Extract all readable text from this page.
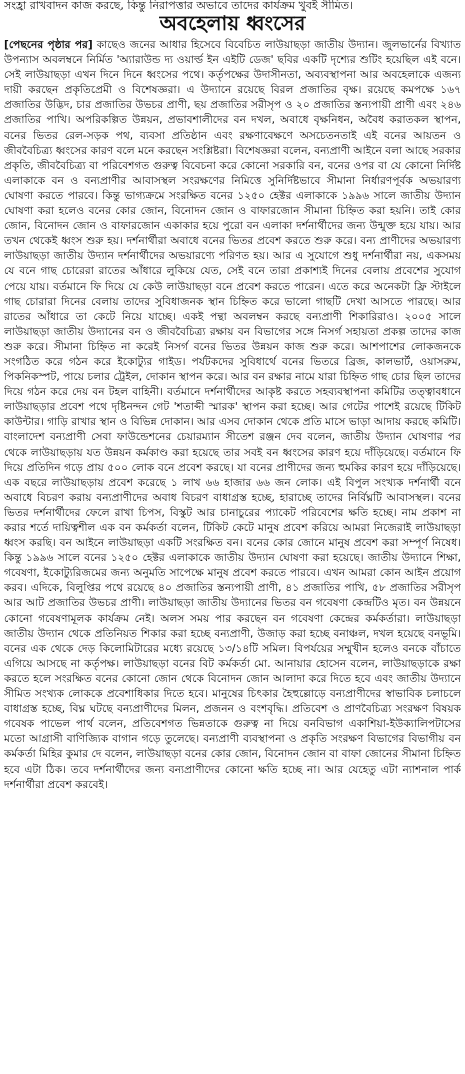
সংহ্রা রাখবাদন কাজ করছে, কিন্তু নিরাপত্তার অভাবে তাদের কার্যক্রম খুবই সীমিত।
অবহেলায় ধ্বংসের

[পেছনের পৃষ্ঠার পর] কাছেও জনের আধার হিসেবে বিবেচিত লাউয়াছড়া জাতীয় উদ্যান। জুলভার্নের বিখ্যাত উপন্যাস অবলম্বনে নির্মিত 'অ্যারাউন্ড দ্য ওয়ার্ল্ড ইন এইটি ডেজ' ছবির একটি দৃশ্যের শুটিং হয়েছিল এই বনে। সেই লাউয়াছড়া এখন দিনে দিনে ধ্বংসের পথে। কর্তৃপক্ষের উদাসীনতা, অব্যবস্থাপনা আর অবহেলাকে এজন্য দায়ী করছেন প্রকৃতিপ্রেমী ও বিশেষজ্ঞরা। এ উদ্যানে রয়েছে বিরল প্রজাতির বৃক্ষ। রয়েছে কমপক্ষে ১৬৭ প্রজাতির উদ্ভিদ, চার প্রজাতির উভচর প্রাণী, ছয় প্রজাতির সরীসৃপ ও ২০ প্রজাতির স্তন্যপায়ী প্রাণী এবং ২৪৬ প্রজাতির পাখি। অপরিকল্পিত উন্নয়ন, প্রভাবশালীদের বন দখল, অবাধে বৃক্ষনিধন, অবৈধ করাতকল স্থাপন, বনের ভিতর রেল-সড়ক পথ, ব্যবসা প্রতিষ্ঠান এবং রক্ষণাবেক্ষণে অসচেতনতাই এই বনের আয়তন ও জীববৈচিত্র্য ধ্বংসের কারণ বলে মনে করছেন সংশ্লিষ্টরা। বিশেষজ্ঞরা বলেন, বন্যপ্রাণী আইনে বলা আছে সরকার প্রকৃতি, জীববৈচিত্র্য বা পরিবেশগত গুরুত্ব বিবেচনা করে কোনো সরকারি বন, বনের ওপর বা যে কোনো নির্দিষ্ট এলাকাকে বন ও বন্যপ্রাণীর আবাসস্থল সংরক্ষণের নিমিত্তে সুনির্দিষ্টভাবে সীমানা নির্ধারণপূর্বক অভয়ারণ্য ঘোষণা করতে পারবে। কিন্তু ভাগ্যক্রমে সংরক্ষিত বনের ১২৫০ হেক্টর এলাকাকে ১৯৯৬ সালে জাতীয় উদ্যান ঘোষণা করা হলেও বনের কোর জোন, বিনোদন জোন ও বাফারজোন সীমানা চিহ্নিত করা হয়নি। তাই কোর জোন, বিনোদন জোন ও বাফারজোন একাকার হয়ে পুরো বন এলাকা দর্শনার্থীদের জন্য উন্মুক্ত হয়ে যায়। আর তখন থেকেই ধ্বংস শুরু হয়। দর্শনার্থীরা অবাধে বনের ভিতর প্রবেশ করতে শুরু করে। বন্য প্রাণীদের অভয়ারণ্য লাউয়াছড়া জাতীয় উদ্যান দর্শনার্থীদের অভয়ারণ্যে পরিণত হয়। আর এ সুযোগে শুধু দর্শনার্থীরা নয়, একসময় যে বনে গাছ চোরেরা রাতের আঁধারে লুকিয়ে যেত, সেই বনে তারা প্রকাশ্যই দিনের বেলায় প্রবেশের সুযোগ পেয়ে যায়। বর্তমানে ফি দিয়ে যে কেউ লাউয়াছড়া বনে প্রবেশ করতে পারেন। এতে করে অনেকটা ফ্রি স্টাইলে গাছ চোরারা দিনের বেলায় তাদের সুবিধাজনক স্থান চিহ্নিত করে ভালো গাছটি দেখা আসতে পারছে। আর রাতের আঁধারে তা কেটে নিয়ে যাচ্ছে। একই পন্থা অবলম্বন করছে বন্যপ্রাণী শিকারিরাও। ২০০৫ সালে লাউয়াছড়া জাতীয় উদ্যানের বন ও জীববৈচিত্র্য রক্ষায় বন বিভাগের সঙ্গে নিসর্গ সহায়তা প্রকল্প তাদের কাজ শুরু করে। সীমানা চিহ্নিত না করেই নিসর্গ বনের ভিতর উন্নয়ন কাজ শুরু করে। আশপাশের লোকজনকে সংগঠিত করে গঠন করে ইকোট্যুর গাইড। পর্যটকদের সুবিধার্থে বনের ভিতরে ব্রিজ, কালভার্ট, ওয়াসরুম, পিকনিকস্পট, পায়ে চলার ট্রেইল, দোকান স্থাপন করে। আর বন রক্ষার নামে যারা চিহ্নিত গাছ চোর ছিল তাদের দিয়ে গঠন করে দেয় বন টহল বাহিনী। বর্তমানে দর্শনার্থীদের আকৃষ্ট করতে সহব্যবস্থাপনা কমিটির তত্ত্বাবধানে লাউয়াছড়ার প্রবেশ পথে দৃষ্টিনন্দন গেট 'শতাব্দী স্মারক' স্থাপন করা হচ্ছে। আর গেটের পাশেই রয়েছে টিকিট কাউন্টার। গাড়ি রাখার স্থান ও বিভিন্ন দোকান। আর এসব দোকান থেকে প্রতি মাসে ভাড়া আদায় করছে কমিটি। বাংলাদেশ বন্যপ্রাণী সেবা ফাউন্ডেশনের চেয়ারম্যান সীতেশ রঞ্জন দেব বলেন, জাতীয় উদ্যান ঘোষণার পর থেকে লাউয়াছড়ায় যত উন্নয়ন কর্মকাণ্ড করা হয়েছে তার সবই বন ধ্বংসের কারণ হয়ে দাঁড়িয়েছে। বর্তমানে ফি দিয়ে প্রতিদিন গড়ে প্রায় ৫০০ লোক বনে প্রবেশ করছে। যা বনের প্রাণীদের জন্য হুমকির কারণ হয়ে দাঁড়িয়েছে। এক বছরে লাউয়াছড়ায় প্রবেশ করেছে ১ লাখ ৬৬ হাজার ৬৬ জন লোক। এই বিপুল সংখ্যক দর্শনার্থী বনে অবাধে বিচরণ করায় বন্যপ্রাণীদের অবাধ বিচরণ বাধাগ্রস্ত হচ্ছে, হারাচ্ছে তাদের নির্বিঘ্নটি আবাসস্থল। বনের ভিতর দর্শনার্থীদের ফেলে রাখা চিপস, বিস্কুট আর চানাচুরের প্যাকেট পরিবেশের ক্ষতি হচ্ছে। নাম প্রকাশ না করার শর্তে দায়িত্বশীল এক বন কর্মকর্তা বলেন, টিকিট কেটে মানুষ প্রবেশ করিয়ে আমরা নিজেরাই লাউয়াছড়া ধ্বংস করছি। বন আইনে লাউয়াছড়া একটি সংরক্ষিত বন। বনের কোর জোনে মানুষ প্রবেশ করা সম্পূর্ণ নিষেধ। কিন্তু ১৯৯৬ সালে বনের ১২৫০ হেক্টর এলাকাকে জাতীয় উদ্যান ঘোষণা করা হয়েছে। জাতীয় উদ্যানে শিক্ষা, গবেষণা, ইকোট্যুরিজমের জন্য অনুমতি সাপেক্ষে মানুষ প্রবেশ করতে পারবে। এখন আমরা কোন আইন প্রয়োগ করব। এদিকে, বিলুপ্তির পথে রয়েছে ৪০ প্রজাতির স্তন্যপায়ী প্রাণী, ৪১ প্রজাতির পাখি, ৫৮ প্রজাতির সরীসৃপ আর আট প্রজাতির উভচর প্রাণী। লাউয়াছড়া জাতীয় উদ্যানের ভিতর বন গবেষণা কেন্দ্রটিও মৃত। বন উন্নয়নে কোনো গবেষণামূলক কার্যক্রম নেই। অলস সময় পার করছেন বন গবেষণা কেন্দ্রের কর্মকর্তারা। লাউয়াছড়া জাতীয় উদ্যান থেকে প্রতিনিয়ত শিকার করা হচ্ছে বন্যপ্রাণী, উজাড় করা হচ্ছে বনাঞ্চল, দখল হয়েছে বনভূমি। বনের এক থেকে দেড় কিলোমিটারের মধ্যে রয়েছে ১৩/১৪টি সমিল। বিপর্যয়ের সম্মুখীন হলেও বনকে বাঁচাতে এগিয়ে আসছে না কর্তৃপক্ষ। লাউয়াছড়া বনের বিট কর্মকর্তা মো. আনায়ার হোসেন বলেন, লাউয়াছড়াকে রক্ষা করতে হলে সংরক্ষিত বনের কোনো জোন থেকে বিনোদন জোন আলাদা করে দিতে হবে এবং জাতীয় উদ্যানে সীমিত সংখ্যক লোককে প্রবেশাধিকার দিতে হবে। মানুষের চিৎকার হৈহুল্লোড়ে বন্যপ্রাণীদের স্বাভাবিক চলাচলে বাধাগ্রস্ত হচ্ছে, বিঘ্ন ঘটছে বন্যপ্রাণীদের মিলন, প্রজনন ও বংশবৃদ্ধি। প্রতিবেশ ও প্রাণবৈচিত্র্য সংরক্ষণ বিষয়ক গবেষক পাভেল পার্থ বলেন, প্রতিবেশগত ভিন্নতাকে গুরুত্ব না দিয়ে বনবিভাগ একাশিয়া-ইউক্যালিপটাসের মতো আগ্রাসী বাণিজ্যিক বাগান গড়ে তুলেছে। বন্যপ্রাণী ব্যবস্থাপনা ও প্রকৃতি সংরক্ষণ বিভাগের বিভাগীয় বন কর্মকর্তা মিহির কুমার দে বলেন, লাউয়াছড়া বনের কোর জোন, বিনোদন জোন বা বাফা জোনের সীমানা চিহ্নিত হবে এটা ঠিক। তবে দর্শনার্থীদের জন্য বন্যপ্রাণীদের কোনো ক্ষতি হচ্ছে না। আর যেহেতু এটা ন্যাশনাল পার্ক দর্শনার্থীরা প্রবেশ করবেই।
